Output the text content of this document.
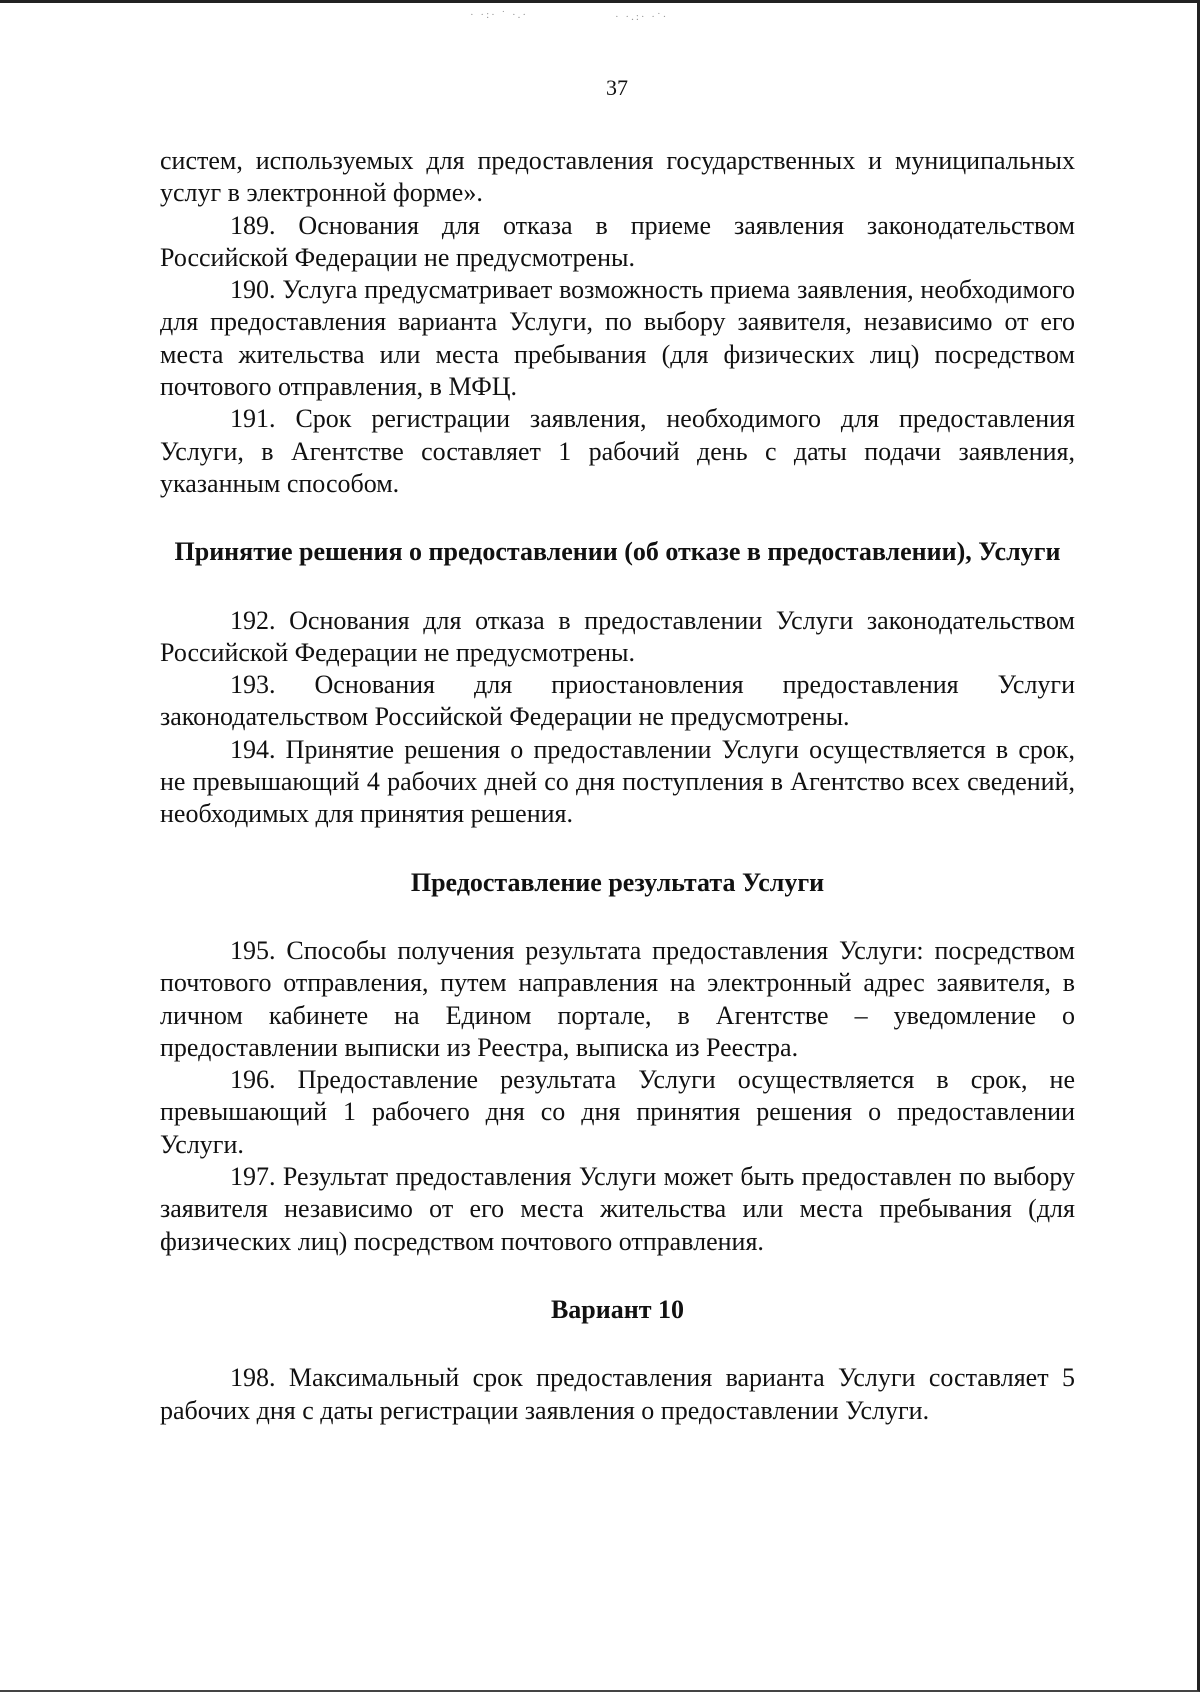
· ·:· ˙ ·.·	· ·.:· ·˙·
37

систем, используемых для предоставления государственных и муниципальных услуг в электронной форме».

189. Основания для отказа в приеме заявления законодательством Российской Федерации не предусмотрены.

190. Услуга предусматривает возможность приема заявления, необходимого для предоставления варианта Услуги, по выбору заявителя, независимо от его места жительства или места пребывания (для физических лиц) посредством почтового отправления, в МФЦ.

191. Срок регистрации заявления, необходимого для предоставления Услуги, в Агентстве составляет 1 рабочий день с даты подачи заявления, указанным способом.

Принятие решения о предоставлении (об отказе в предоставлении), Услуги

192. Основания для отказа в предоставлении Услуги законодательством Российской Федерации не предусмотрены.

193. Основания для приостановления предоставления Услуги законодательством Российской Федерации не предусмотрены.

194. Принятие решения о предоставлении Услуги осуществляется в срок, не превышающий 4 рабочих дней со дня поступления в Агентство всех сведений, необходимых для принятия решения.

Предоставление результата Услуги

195. Способы получения результата предоставления Услуги: посредством почтового отправления, путем направления на электронный адрес заявителя, в личном кабинете на Едином портале, в Агентстве – уведомление о предоставлении выписки из Реестра, выписка из Реестра.

196. Предоставление результата Услуги осуществляется в срок, не превышающий 1 рабочего дня со дня принятия решения о предоставлении Услуги.

197. Результат предоставления Услуги может быть предоставлен по выбору заявителя независимо от его места жительства или места пребывания (для физических лиц) посредством почтового отправления.

Вариант 10

198. Максимальный срок предоставления варианта Услуги составляет 5 рабочих дня с даты регистрации заявления о предоставлении Услуги.
